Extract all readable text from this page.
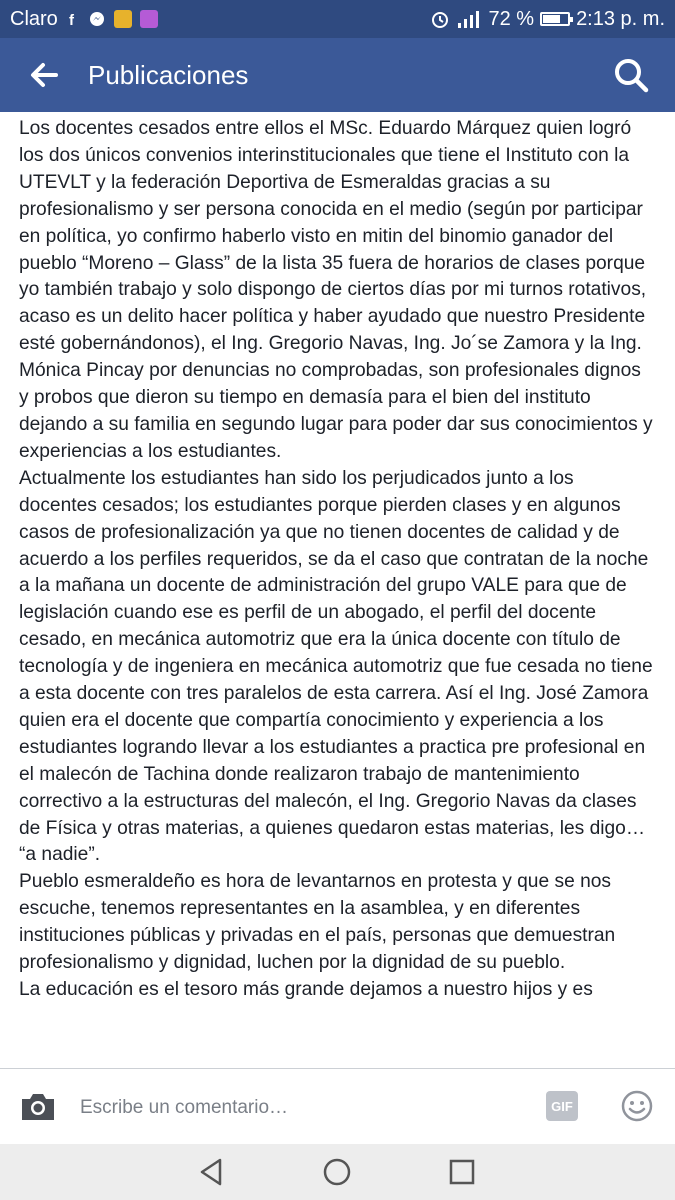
Claro f	72 % 2:13 p. m.
Publicaciones

Los docentes cesados entre ellos el MSc. Eduardo Márquez quien logró los dos únicos convenios interinstitucionales que tiene el Instituto con la UTEVLT y la federación Deportiva de Esmeraldas gracias a su profesionalismo y ser persona conocida en el medio (según por participar en política, yo confirmo haberlo visto en mitin del binomio ganador del pueblo “Moreno – Glass” de la lista 35 fuera de horarios de clases porque yo también trabajo y solo dispongo de ciertos días por mi turnos rotativos, acaso es un delito hacer política y haber ayudado que nuestro Presidente esté gobernándonos), el Ing. Gregorio Navas, Ing. Jo´se Zamora y la Ing. Mónica Pincay por denuncias no comprobadas, son profesionales dignos y probos que dieron su tiempo en demasía para el bien del instituto dejando a su familia en segundo lugar para poder dar sus conocimientos y experiencias a los estudiantes.

Actualmente los estudiantes han sido los perjudicados junto a los docentes cesados; los estudiantes porque pierden clases y en algunos casos de profesionalización ya que no tienen docentes de calidad y de acuerdo a los perfiles requeridos, se da el caso que contratan de la noche a la mañana un docente de administración del grupo VALE para que de legislación cuando ese es perfil de un abogado, el perfil del docente cesado, en mecánica automotriz que era la única docente con título de tecnología y de ingeniera en mecánica automotriz que fue cesada no tiene a esta docente con tres paralelos de esta carrera. Así el Ing. José Zamora quien era el docente que compartía conocimiento y experiencia a los estudiantes logrando llevar a los estudiantes a practica pre profesional en el malecón de Tachina donde realizaron trabajo de mantenimiento correctivo a la estructuras del malecón, el Ing. Gregorio Navas da clases de Física y otras materias, a quienes quedaron estas materias, les digo… “a nadie”.

Pueblo esmeraldeño es hora de levantarnos en protesta y que se nos escuche, tenemos representantes en la asamblea, y en diferentes instituciones públicas y privadas en el país, personas que demuestran profesionalismo y dignidad, luchen por la dignidad de su pueblo.

La educación es el tesoro más grande dejamos a nuestro hijos y es

Escribe un comentario…
GIF
